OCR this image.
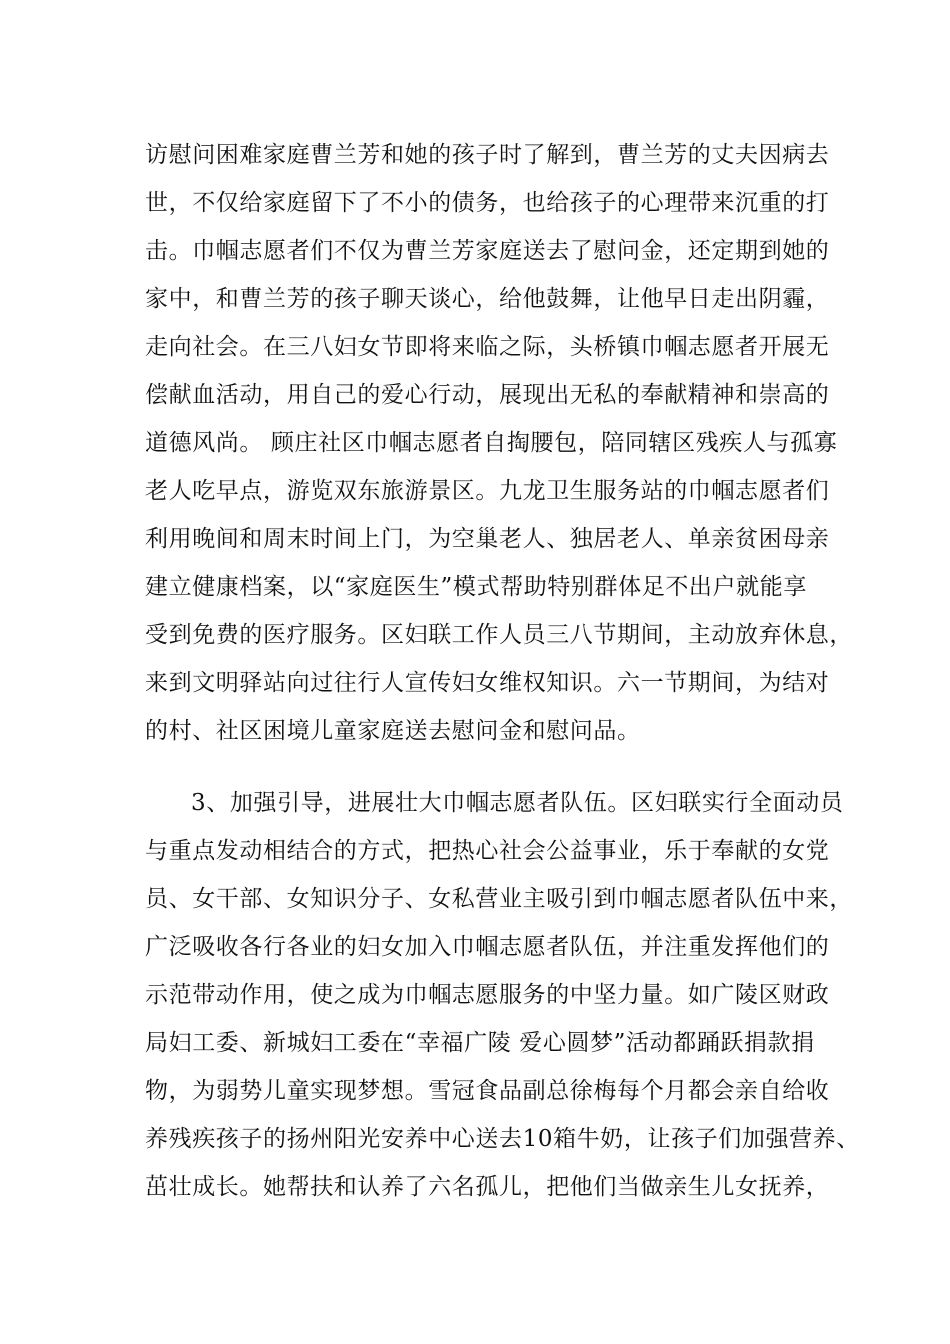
访慰问困难家庭曹兰芳和她的孩子时了解到，曹兰芳的丈夫因病去
世，不仅给家庭留下了不小的债务，也给孩子的心理带来沉重的打
击。巾帼志愿者们不仅为曹兰芳家庭送去了慰问金，还定期到她的
家中，和曹兰芳的孩子聊天谈心，给他鼓舞，让他早日走出阴霾，
走向社会。在三八妇女节即将来临之际，头桥镇巾帼志愿者开展无
偿献血活动，用自己的爱心行动，展现出无私的奉献精神和崇高的
道德风尚。 顾庄社区巾帼志愿者自掏腰包，陪同辖区残疾人与孤寡
老人吃早点，游览双东旅游景区。九龙卫生服务站的巾帼志愿者们
利用晚间和周末时间上门，为空巢老人、独居老人、单亲贫困母亲
建立健康档案，以“家庭医生”模式帮助特别群体足不出户就能享
受到免费的医疗服务。区妇联工作人员三八节期间，主动放弃休息，
来到文明驿站向过往行人宣传妇女维权知识。六一节期间，为结对
的村、社区困境儿童家庭送去慰问金和慰问品。
3、加强引导，进展壮大巾帼志愿者队伍。区妇联实行全面动员
与重点发动相结合的方式，把热心社会公益事业，乐于奉献的女党
员、女干部、女知识分子、女私营业主吸引到巾帼志愿者队伍中来，
广泛吸收各行各业的妇女加入巾帼志愿者队伍，并注重发挥他们的
示范带动作用，使之成为巾帼志愿服务的中坚力量。如广陵区财政
局妇工委、新城妇工委在“幸福广陵 爱心圆梦”活动都踊跃捐款捐
物，为弱势儿童实现梦想。雪冠食品副总徐梅每个月都会亲自给收
养残疾孩子的扬州阳光安养中心送去10箱牛奶，让孩子们加强营养、
茁壮成长。她帮扶和认养了六名孤儿，把他们当做亲生儿女抚养，
